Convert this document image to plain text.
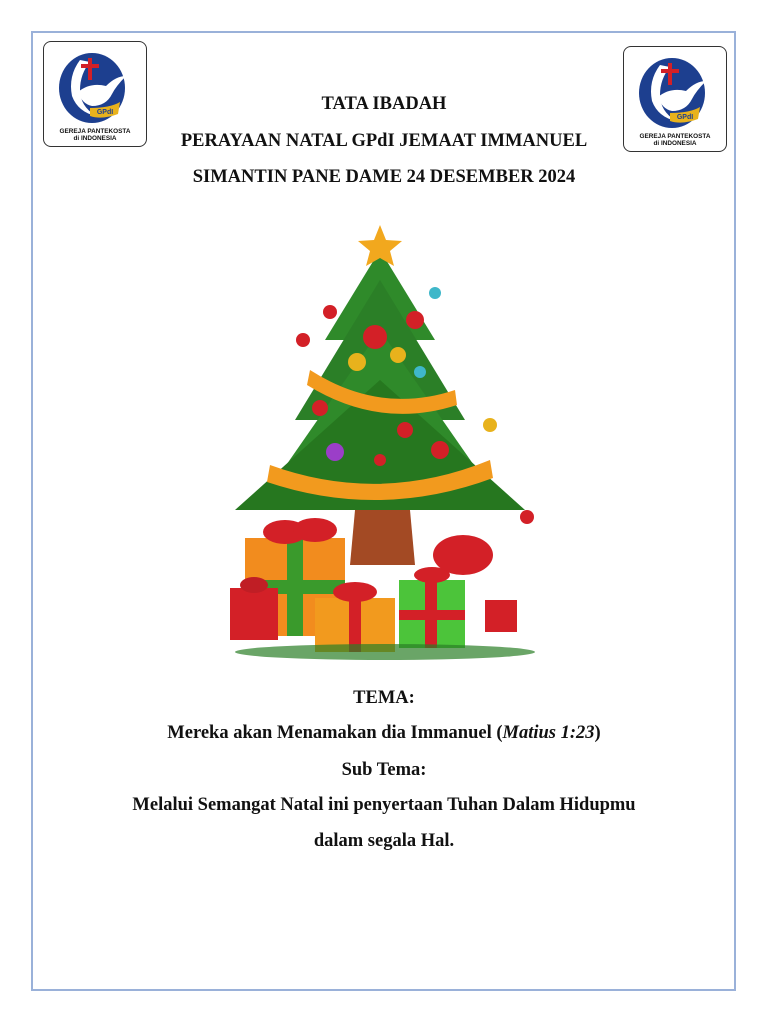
GPdI
GEREJA PANTEKOSTA
di INDONESIA
GPdI
GEREJA PANTEKOSTA
di INDONESIA
TATA IBADAH
PERAYAAN NATAL GPdI JEMAAT IMMANUEL
SIMANTIN PANE DAME 24 DESEMBER 2024
TEMA:
Mereka akan Menamakan dia Immanuel (Matius 1:23)
Sub Tema:
Melalui Semangat Natal ini penyertaan Tuhan Dalam Hidupmu
dalam segala Hal.
